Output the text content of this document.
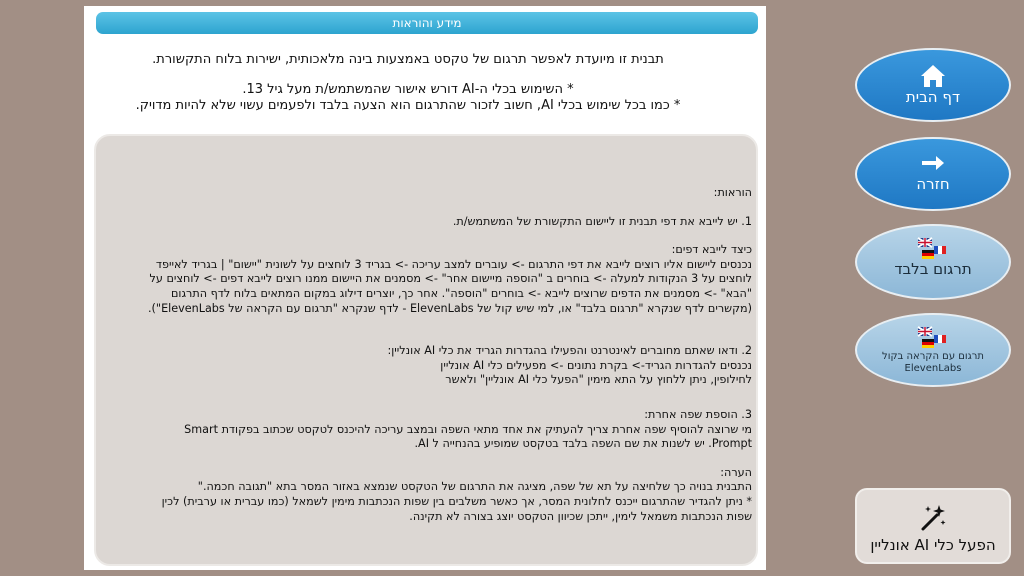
מידע והוראות

תבנית זו מיועדת לאפשר תרגום של טקסט באמצעות בינה מלאכותית, ישירות בלוח התקשורת.

* השימוש בכלי ה-AI דורש אישור שהמשתמש/ת מעל גיל 13.

* כמו בכל שימוש בכלי AI, חשוב לזכור שהתרגום הוא הצעה בלבד ולפעמים עשוי שלא להיות מדויק.

הוראות:

1. יש לייבא את דפי תבנית זו ליישום התקשורת של המשתמש/ת.

כיצד לייבא דפים:

נכנסים ליישום אליו רוצים לייבא את דפי התרגום -> עוברים למצב עריכה -> בגריד 3 לוחצים על לשונית "יישום" | בגריד לאייפד

לוחצים על 3 הנקודות למעלה -> בוחרים ב "הוספה מיישום אחר" -> מסמנים את היישום ממנו רוצים לייבא דפים -> לוחצים על

"הבא" -> מסמנים את הדפים שרוצים לייבא -> בוחרים "הוספה". אחר כך, יוצרים דילוג במקום המתאים בלוח לדף התרגום

(מקשרים לדף שנקרא "תרגום בלבד" או, למי שיש קול של ElevenLabs - לדף שנקרא "תרגום עם הקראה של ElevenLabs").

2. ודאו שאתם מחוברים לאינטרנט והפעילו בהגדרות הגריד את כלי AI אונליין:

נכנסים להגדרות הגריד-> בקרת נתונים -> מפעילים כלי AI אונליין

לחילופין, ניתן ללחוץ על התא מימין "הפעל כלי AI אונליין" ולאשר

3. הוספת שפה אחרת:

מי שרוצה להוסיף שפה אחרת צריך להעתיק את אחד מתאי השפה ובמצב עריכה להיכנס לטקסט שכתוב בפקודת Smart

Prompt. יש לשנות את שם השפה בלבד בטקסט שמופיע בהנחייה ל AI.

הערה:

התבנית בנויה כך שלחיצה על תא של שפה, מציגה את התרגום של הטקסט שנמצא באזור המסר בתא "תגובה חכמה."

* ניתן להגדיר שהתרגום ייכנס לחלונית המסר, אך כאשר משלבים בין שפות הנכתבות מימין לשמאל (כמו עברית או ערבית) לכין

שפות הנכתבות משמאל לימין, ייתכן שכיוון הטקסט יוצג בצורה לא תקינה.

דף הבית
חזרה
תרגום בלבד
תרגום עם הקראה בקול
ElevenLabs
הפעל כלי AI אונליין
